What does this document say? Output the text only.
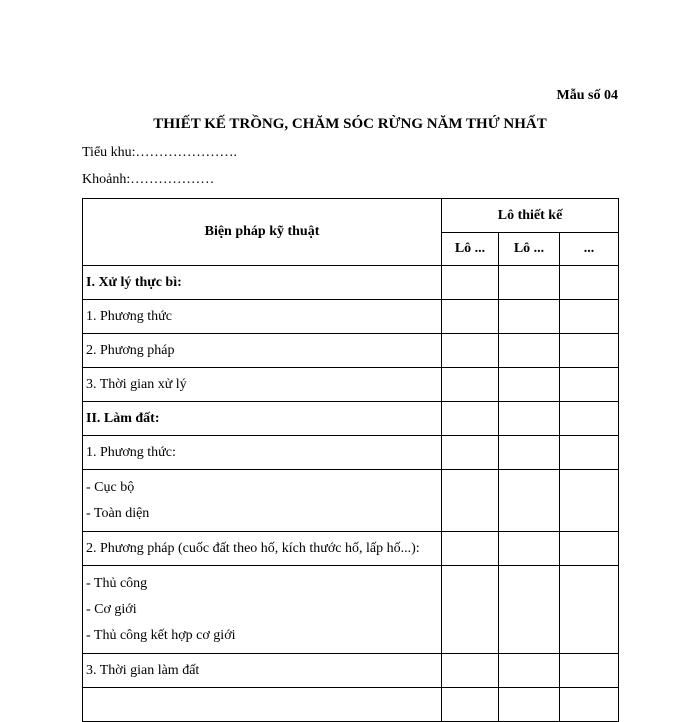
Mẫu số 04
THIẾT KẾ TRỒNG, CHĂM SÓC RỪNG NĂM THỨ NHẤT
Tiểu khu:………………….
Khoảnh:………………
Biện pháp kỹ thuật	Lô thiết kế		
	Lô ...	Lô ...	...

I. Xử lý thực bì:			

1. Phương thức			

2. Phương pháp			

3. Thời gian xử lý			

II. Làm đất:			

1. Phương thức:			

- Cục bộ
- Toàn diện			

2. Phương pháp (cuốc đất theo hố, kích thước hố, lấp hố...):			

- Thủ công
- Cơ giới
- Thủ công kết hợp cơ giới			

3. Thời gian làm đất			
